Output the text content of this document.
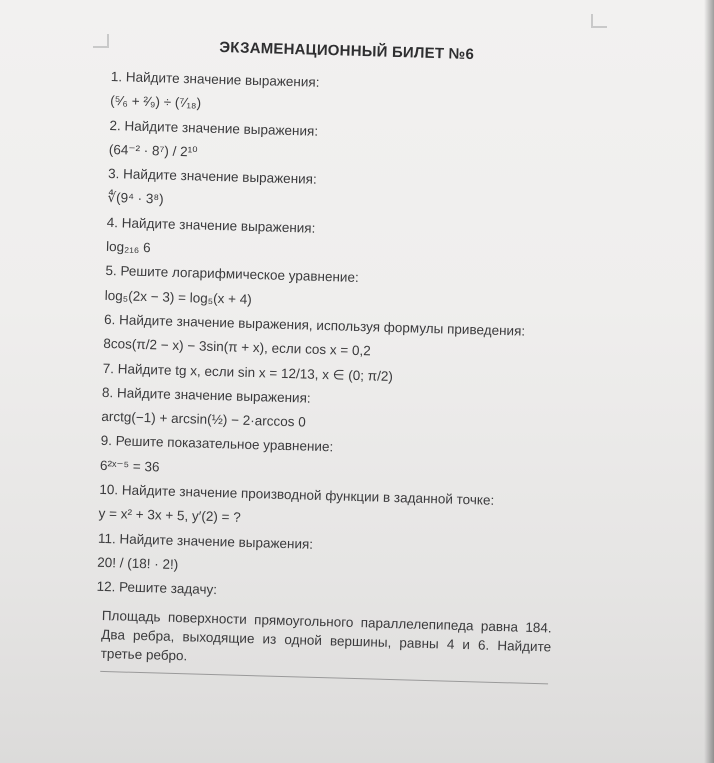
ЭКЗАМЕНАЦИОННЫЙ БИЛЕТ №6
1. Найдите значение выражения:
(⁵⁄₆ + ²⁄₉) ÷ (⁷⁄₁₈)
2. Найдите значение выражения:
(64⁻² · 8⁷) / 2¹⁰
3. Найдите значение выражения:
∜(9⁴ · 3⁸)
4. Найдите значение выражения:
log₂₁₆ 6
5. Решите логарифмическое уравнение:
log₅(2x − 3) = log₅(x + 4)
6. Найдите значение выражения, используя формулы приведения:
8cos(π/2 − x) − 3sin(π + x), если cos x = 0,2
7. Найдите tg x, если sin x = 12/13, x ∈ (0; π/2)
8. Найдите значение выражения:
arctg(−1) + arcsin(½) − 2·arccos 0
9. Решите показательное уравнение:
6²ˣ⁻⁵ = 36
10. Найдите значение производной функции в заданной точке:
y = x² + 3x + 5, y′(2) = ?
11. Найдите значение выражения:
20! / (18! · 2!)
12. Решите задачу:
Площадь поверхности прямоугольного параллелепипеда равна 184. Два ребра, выходящие из одной вершины, равны 4 и 6. Найдите третье ребро.
